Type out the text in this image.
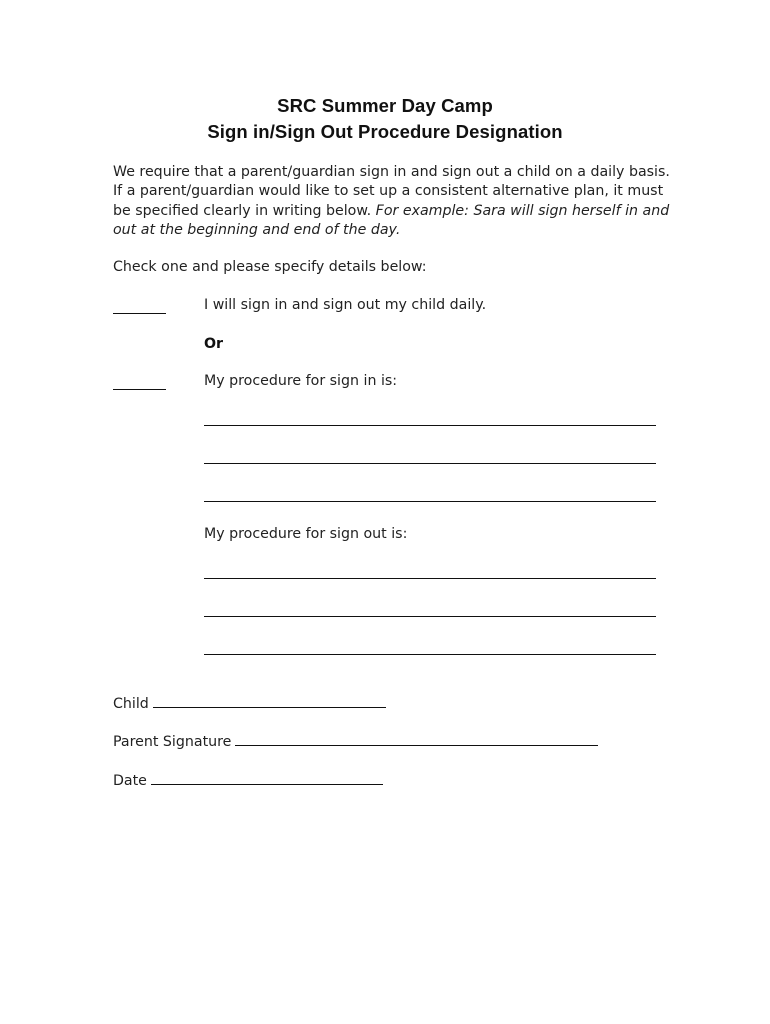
SRC Summer Day Camp
Sign in/Sign Out Procedure Designation
We require that a parent/guardian sign in and sign out a child on a daily basis. If a parent/guardian would like to set up a consistent alternative plan, it must be specified clearly in writing below. For example: Sara will sign herself in and out at the beginning and end of the day.
Check one and please specify details below:
I will sign in and sign out my child daily.
Or
My procedure for sign in is:
My procedure for sign out is:
Child
Parent Signature
Date
